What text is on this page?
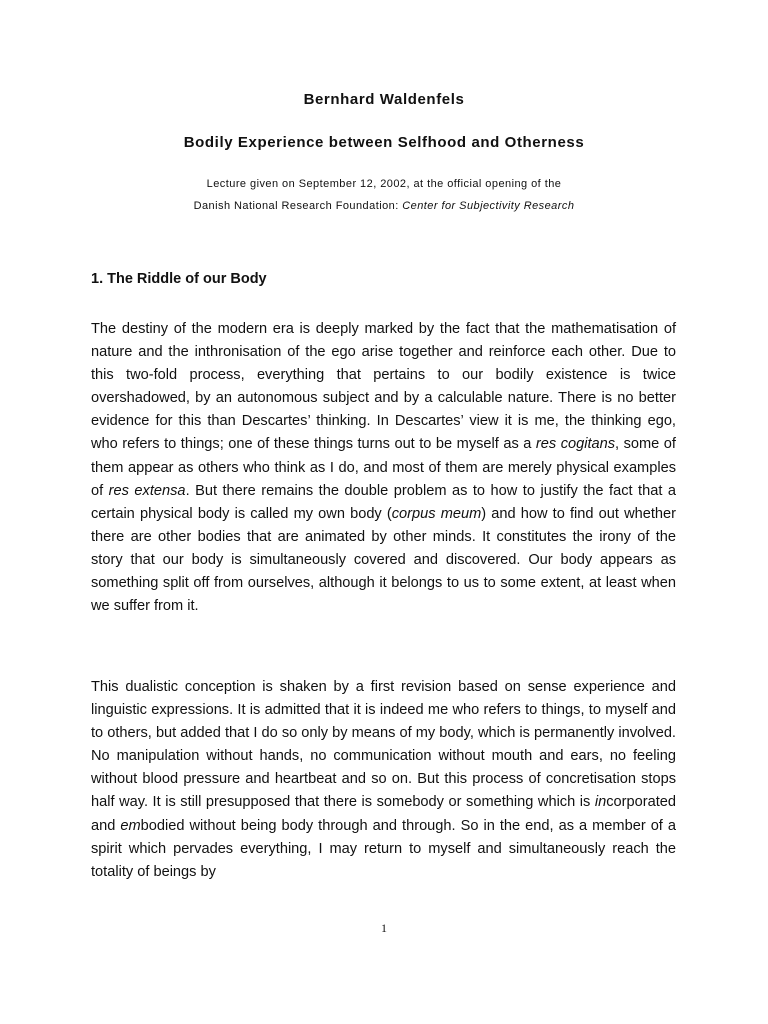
Bernhard Waldenfels
Bodily Experience between Selfhood and Otherness
Lecture given on September 12, 2002, at the official opening of the
Danish National Research Foundation: Center for Subjectivity Research
1. The Riddle of our Body

The destiny of the modern era is deeply marked by the fact that the mathematisation of nature and the inthronisation of the ego arise together and reinforce each other. Due to this two-fold process, everything that pertains to our bodily existence is twice overshadowed, by an autonomous subject and by a calculable nature. There is no better evidence for this than Descartes’ thinking. In Descartes’ view it is me, the thinking ego, who refers to things; one of these things turns out to be myself as a res cogitans, some of them appear as others who think as I do, and most of them are merely physical examples of res extensa. But there remains the double problem as to how to justify the fact that a certain physical body is called my own body (corpus meum) and how to find out whether there are other bodies that are animated by other minds. It constitutes the irony of the story that our body is simultaneously covered and discovered. Our body appears as something split off from ourselves, although it belongs to us to some extent, at least when we suffer from it.

This dualistic conception is shaken by a first revision based on sense experience and linguistic expressions. It is admitted that it is indeed me who refers to things, to myself and to others, but added that I do so only by means of my body, which is permanently involved. No manipulation without hands, no communication without mouth and ears, no feeling without blood pressure and heartbeat and so on. But this process of concretisation stops half way. It is still presupposed that there is somebody or something which is incorporated and embodied without being body through and through. So in the end, as a member of a spirit which pervades everything, I may return to myself and simultaneously reach the totality of beings by

1
